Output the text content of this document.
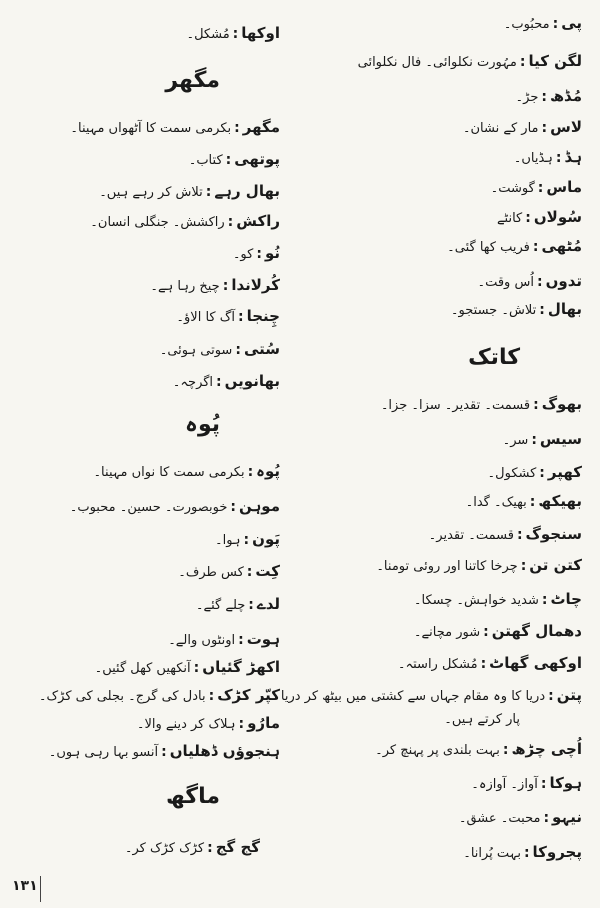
پی:محبُوب۔
لگن کیا:مہُورت نکلوائی۔ فال نکلوائی
مُڈھ:جڑ۔
لاس:مار کے نشان۔
ہڈ:ہڈیاں۔
ماس:گوشت۔
سُولاں:کانٹے
مُٹھی:فریب کھا گئی۔
تدوں:اُس وقت۔
بھال:تلاش۔ جستجو۔
کاتک
بھوگ:قسمت۔ تقدیر۔ سزا۔ جزا۔
سیس:سر۔
کھپر:کشکول۔
بھیکھ:بھیک۔ گدا۔
سنجوگ:قسمت۔ تقدیر۔
کتن تن:چرخا کاتنا اور روئی تومنا۔
چاٹ:شدید خواہش۔ چسکا۔
دھمال گھتن:شور مچانے۔
اوکھی گھاٹ:مُشکل راستہ۔
پتن:دریا کا وہ مقام جہاں سے کشتی میں بیٹھ کر دریا
پار کرتے ہیں۔
اُچی چڑھ:بہت بلندی پر پہنچ کر۔
ہوکا:آواز۔ آوازہ۔
نیہو:محبت۔ عشق۔
پجروکا:بہت پُرانا۔
اوکھا:مُشکل۔
مگھر
مگھر:بکرمی سمت کا آٹھواں مہینا۔
پوتھی:کتاب۔
بھال رہے:تلاش کر رہے ہیں۔
راکش:راکشش۔ جنگلی انسان۔
نُو:کو۔
کُرلاندا:چیخ رہا ہے۔
چِنجا:آگ کا الاؤ۔
سُتی:سوتی ہوئی۔
بھانویں:اگرچہ۔
پُوہ
پُوہ:بکرمی سمت کا نواں مہینا۔
موہن:خوبصورت۔ حسین۔ محبوب۔
پَون:ہوا۔
کِت:کس طرف۔
لدے:چلے گئے۔
ہوت:اونٹوں والے۔
اکھڑ گئیاں:آنکھیں کھل گئیں۔
کپّر کڑک:بادل کی گرج۔ بجلی کی کڑک۔
مارُو:ہلاک کر دینے والا۔
ہنجوؤں ڈھلیاں:آنسو بہا رہی ہوں۔
ماگھ
گج گج:کڑک کڑک کر۔
۱۳۱
